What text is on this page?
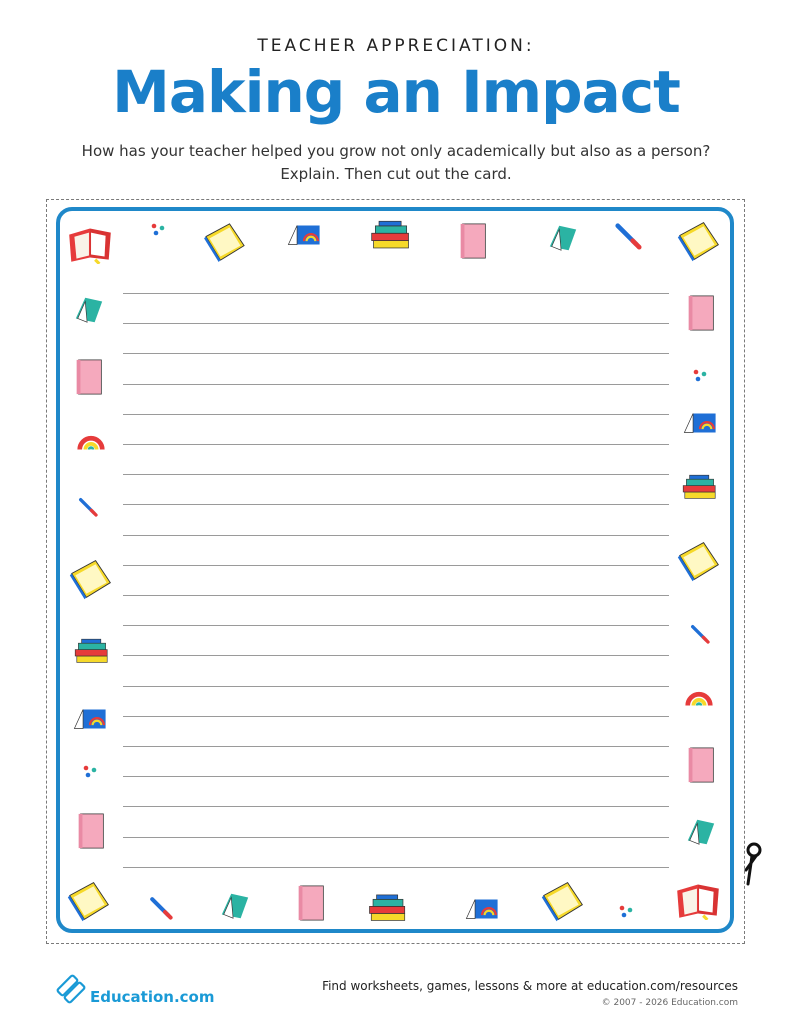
TEACHER APPRECIATION:
Making an Impact
How has your teacher helped you grow not only academically but also as a person?
Explain. Then cut out the card.
Education.com
Find worksheets, games, lessons & more at education.com/resources
© 2007 - 2026 Education.com
